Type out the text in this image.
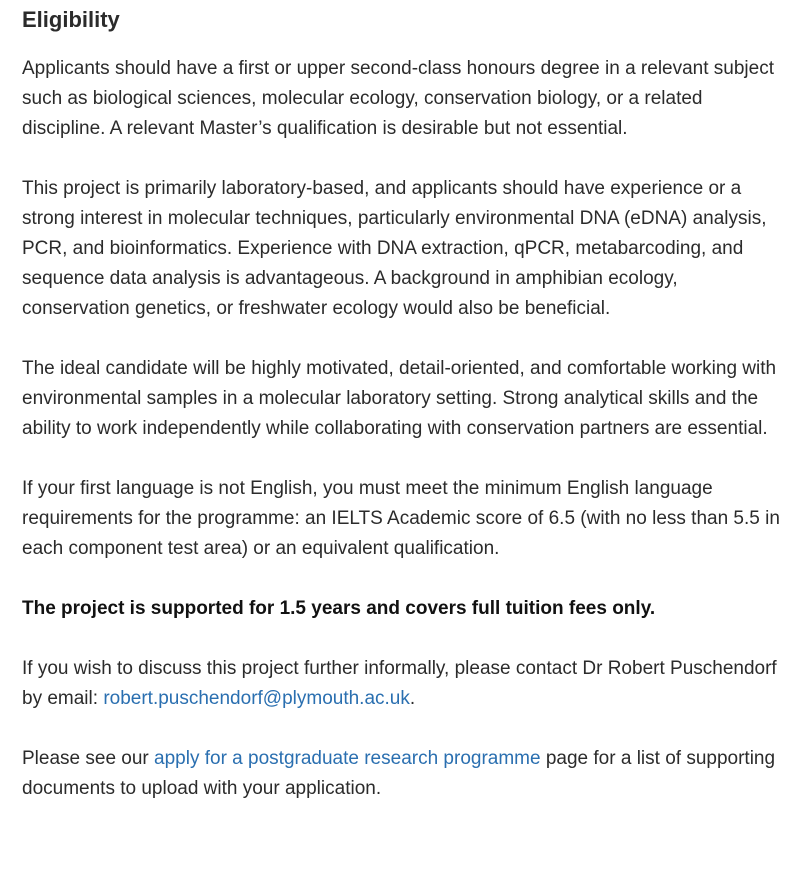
Eligibility

Applicants should have a first or upper second-class honours degree in a relevant subject such as biological sciences, molecular ecology, conservation biology, or a related discipline. A relevant Master’s qualification is desirable but not essential.

This project is primarily laboratory-based, and applicants should have experience or a strong interest in molecular techniques, particularly environmental DNA (eDNA) analysis, PCR, and bioinformatics. Experience with DNA extraction, qPCR, metabarcoding, and sequence data analysis is advantageous. A background in amphibian ecology, conservation genetics, or freshwater ecology would also be beneficial.

The ideal candidate will be highly motivated, detail-oriented, and comfortable working with environmental samples in a molecular laboratory setting. Strong analytical skills and the ability to work independently while collaborating with conservation partners are essential.

If your first language is not English, you must meet the minimum English language requirements for the programme: an IELTS Academic score of 6.5 (with no less than 5.5 in each component test area) or an equivalent qualification.

The project is supported for 1.5 years and covers full tuition fees only.

If you wish to discuss this project further informally, please contact Dr Robert Puschendorf by email: robert.puschendorf@plymouth.ac.uk.

Please see our apply for a postgraduate research programme page for a list of supporting documents to upload with your application.
